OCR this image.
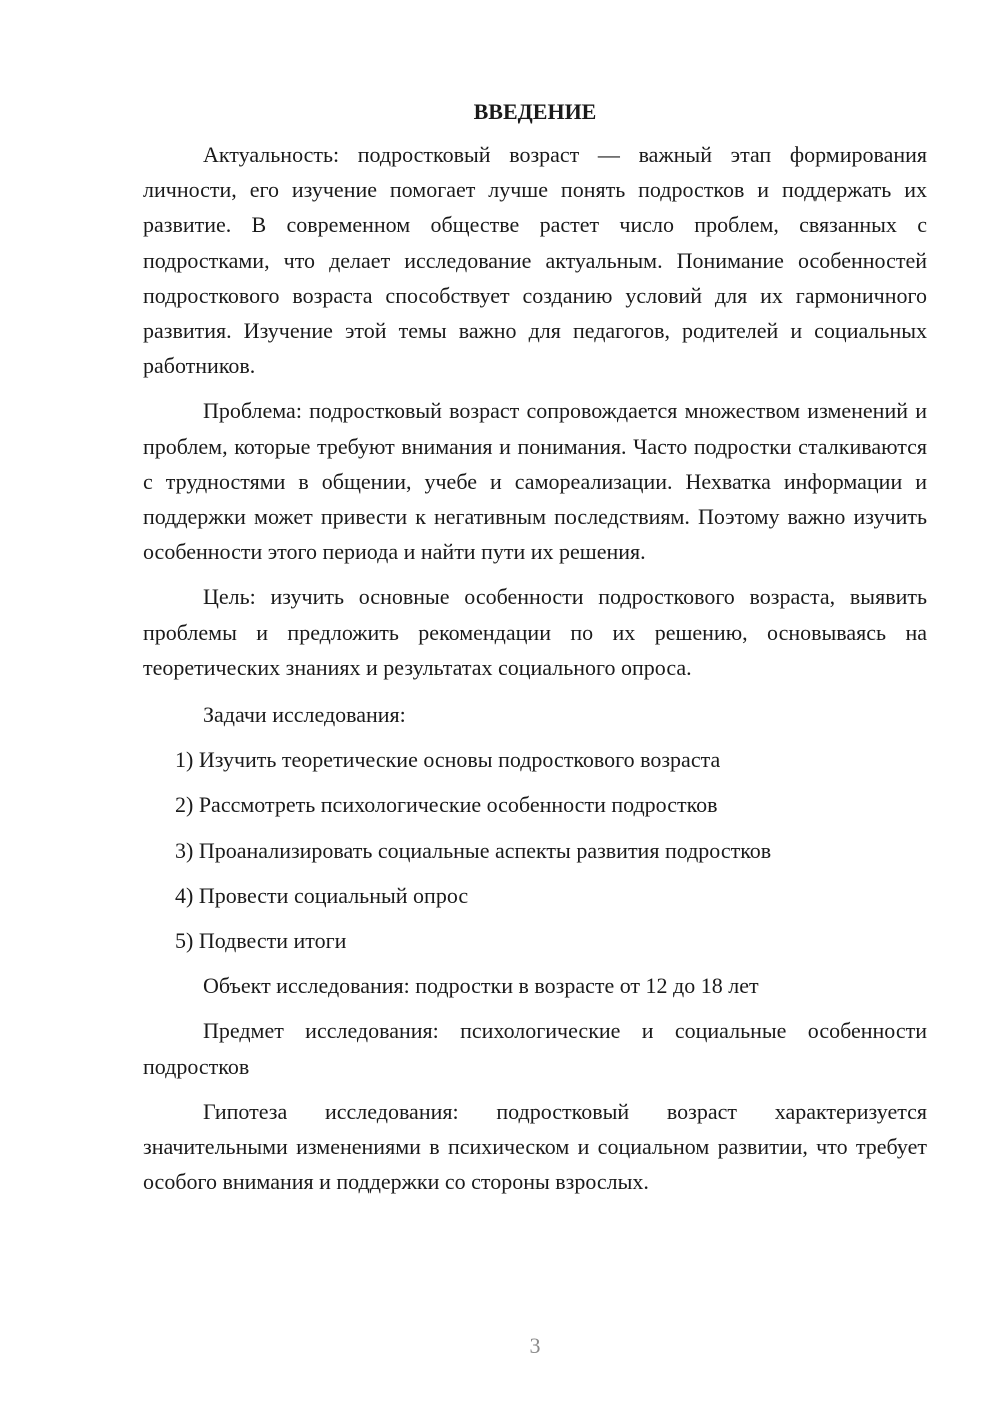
ВВЕДЕНИЕ

Актуальность: подростковый возраст — важный этап формирования личности, его изучение помогает лучше понять подростков и поддержать их развитие. В современном обществе растет число проблем, связанных с подростками, что делает исследование актуальным. Понимание особенностей подросткового возраста способствует созданию условий для их гармоничного развития. Изучение этой темы важно для педагогов, родителей и социальных работников.

Проблема: подростковый возраст сопровождается множеством изменений и проблем, которые требуют внимания и понимания. Часто подростки сталкиваются с трудностями в общении, учебе и самореализации. Нехватка информации и поддержки может привести к негативным последствиям. Поэтому важно изучить особенности этого периода и найти пути их решения.

Цель: изучить основные особенности подросткового возраста, выявить проблемы и предложить рекомендации по их решению, основываясь на теоретических знаниях и результатах социального опроса.

Задачи исследования:

1) Изучить теоретические основы подросткового возраста
2) Рассмотреть психологические особенности подростков
3) Проанализировать социальные аспекты развития подростков
4) Провести социальный опрос
5) Подвести итоги

Объект исследования: подростки в возрасте от 12 до 18 лет

Предмет исследования: психологические и социальные особенности подростков

Гипотеза исследования: подростковый возраст характеризуется значительными изменениями в психическом и социальном развитии, что требует особого внимания и поддержки со стороны взрослых.

3
